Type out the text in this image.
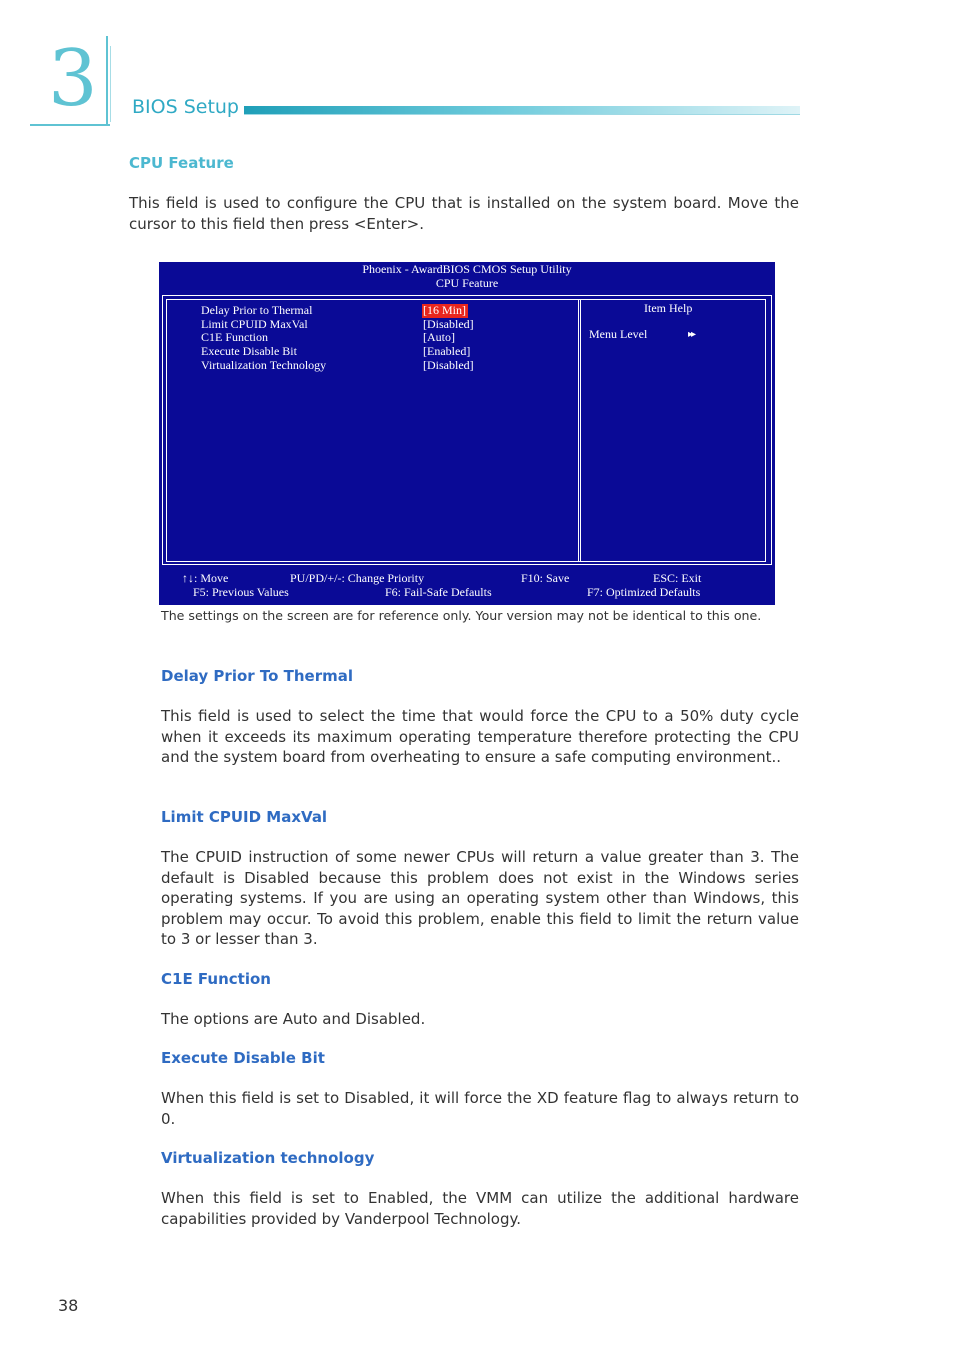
3 BIOS Setup
CPU Feature

This field is used to configure the CPU that is installed on the system board. Move the cursor to this field then press <Enter>.

Phoenix - AwardBIOS CMOS Setup Utility
CPU Feature
Delay Prior to Thermal	[16 Min]
Limit CPUID MaxVal	[Disabled]
C1E Function	[Auto]
Execute Disable Bit	[Enabled]
Virtualization Technology	[Disabled]
Item Help
Menu Level	▸▸
↑↓: Move	PU/PD/+/-: Change Priority	F10: Save	ESC: Exit
F5: Previous Values	F6: Fail-Safe Defaults	F7: Optimized Defaults

The settings on the screen are for reference only. Your version may not be identical to this one.

Delay Prior To Thermal

This field is used to select the time that would force the CPU to a 50% duty cycle when it exceeds its maximum operating temperature therefore protecting the CPU and the system board from overheating to ensure a safe computing environment..

Limit CPUID MaxVal

The CPUID instruction of some newer CPUs will return a value greater than 3. The default is Disabled because this problem does not exist in the Windows series operating systems. If you are using an operating system other than Windows, this problem may occur. To avoid this problem, enable this field to limit the return value to 3 or lesser than 3.

C1E Function

The options are Auto and Disabled.

Execute Disable Bit

When this field is set to Disabled, it will force the XD feature flag to always return to 0.

Virtualization technology

When this field is set to Enabled, the VMM can utilize the additional hardware capabilities provided by Vanderpool Technology.

38
